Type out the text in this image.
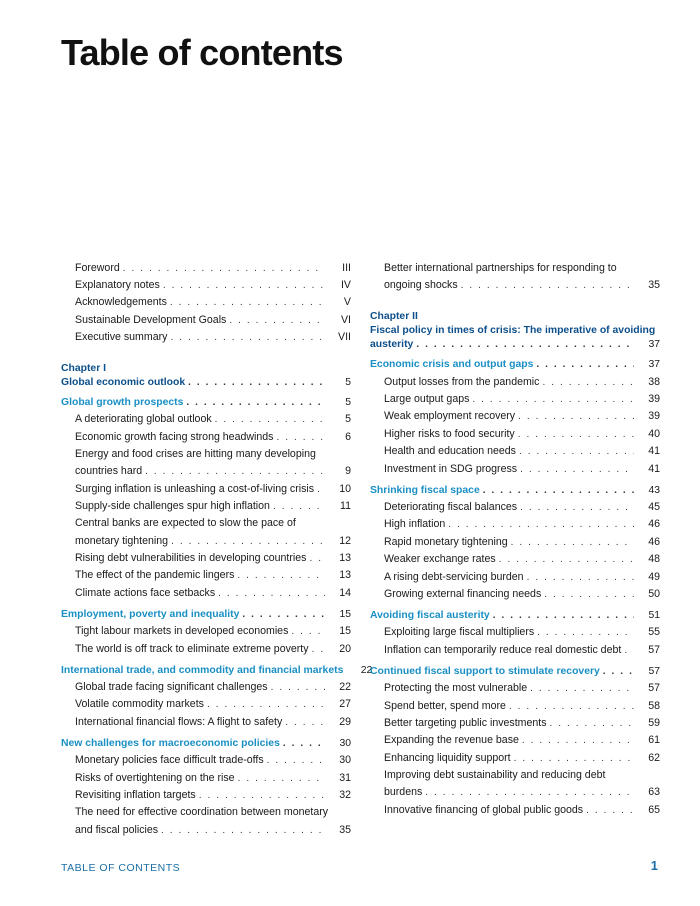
Table of contents
Foreword . . .	III
Explanatory notes . . .	IV
Acknowledgements . . .	V
Sustainable Development Goals . . .	VI
Executive summary . . .	VII
Chapter I
Global economic outlook . . .	5
Global growth prospects . . .	5
A deteriorating global outlook . . .	5
Economic growth facing strong headwinds . . .	6
Energy and food crises are hitting many developing
countries hard . . .	9
Surging inflation is unleashing a cost-of-living crisis . . .	10
Supply-side challenges spur high inflation . . .	11
Central banks are expected to slow the pace of
monetary tightening . . .	12
Rising debt vulnerabilities in developing countries . . .	13
The effect of the pandemic lingers . . .	13
Climate actions face setbacks . . .	14
Employment, poverty and inequality . . .	15
Tight labour markets in developed economies . . .	15
The world is off track to eliminate extreme poverty . . .	20
International trade, and commodity and financial markets	22
Global trade facing significant challenges . . .	22
Volatile commodity markets . . .	27
International financial flows: A flight to safety . . .	29
New challenges for macroeconomic policies . . .	30
Monetary policies face difficult trade-offs . . .	30
Risks of overtightening on the rise . . .	31
Revisiting inflation targets . . .	32
The need for effective coordination between monetary
and fiscal policies . . .	35
Better international partnerships for responding to
ongoing shocks . . .	35
Chapter II
Fiscal policy in times of crisis: The imperative of avoiding
austerity . . .	37
Economic crisis and output gaps . . .	37
Output losses from the pandemic . . .	38
Large output gaps . . .	39
Weak employment recovery . . .	39
Higher risks to food security . . .	40
Health and education needs . . .	41
Investment in SDG progress . . .	41
Shrinking fiscal space . . .	43
Deteriorating fiscal balances . . .	45
High inflation . . .	46
Rapid monetary tightening . . .	46
Weaker exchange rates . . .	48
A rising debt-servicing burden . . .	49
Growing external financing needs . . .	50
Avoiding fiscal austerity . . .	51
Exploiting large fiscal multipliers . . .	55
Inflation can temporarily reduce real domestic debt . . .	57
Continued fiscal support to stimulate recovery . . .	57
Protecting the most vulnerable . . .	57
Spend better, spend more . . .	58
Better targeting public investments . . .	59
Expanding the revenue base . . .	61
Enhancing liquidity support . . .	62
Improving debt sustainability and reducing debt
burdens . . .	63
Innovative financing of global public goods . . .	65
TABLE OF CONTENTS	1
